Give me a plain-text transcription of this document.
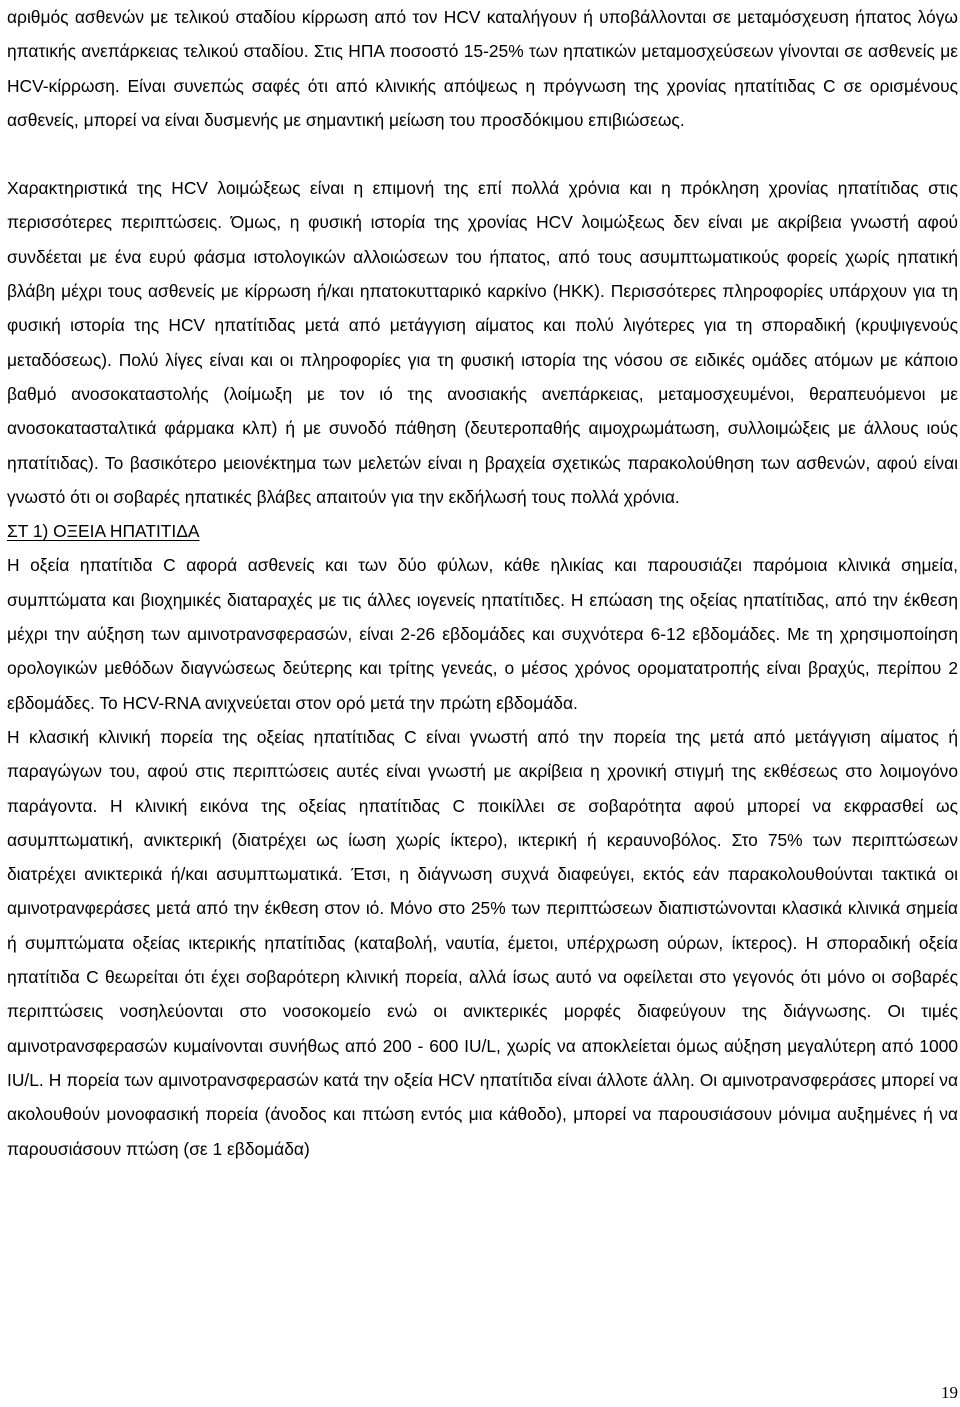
αριθμός ασθενών με τελικού σταδίου κίρρωση από τον HCV καταλήγουν ή υποβάλλονται σε μεταμόσχευση ήπατος λόγω ηπατικής ανεπάρκειας τελικού σταδίου. Στις ΗΠΑ ποσοστό 15-25% των ηπατικών μεταμοσχεύσεων γίνονται σε ασθενείς με HCV-κίρρωση. Είναι συνεπώς σαφές ότι από κλινικής απόψεως η πρόγνωση της χρονίας ηπατίτιδας C σε ορισμένους ασθενείς, μπορεί να είναι δυσμενής με σημαντική μείωση του προσδόκιμου επιβιώσεως.

Χαρακτηριστικά της HCV λοιμώξεως είναι η επιμονή της επί πολλά χρόνια και η πρόκληση χρονίας ηπατίτιδας στις περισσότερες περιπτώσεις. Όμως, η φυσική ιστορία της χρονίας HCV λοιμώξεως δεν είναι με ακρίβεια γνωστή αφού συνδέεται με ένα ευρύ φάσμα ιστολογικών αλλοιώσεων του ήπατος, από τους ασυμπτωματικούς φορείς χωρίς ηπατική βλάβη μέχρι τους ασθενείς με κίρρωση ή/και ηπατοκυτταρικό καρκίνο (ΗΚΚ). Περισσότερες πληροφορίες υπάρχουν για τη φυσική ιστορία της HCV ηπατίτιδας μετά από μετάγγιση αίματος και πολύ λιγότερες για τη σποραδική (κρυψιγενούς μεταδόσεως). Πολύ λίγες είναι και οι πληροφορίες για τη φυσική ιστορία της νόσου σε ειδικές ομάδες ατόμων με κάποιο βαθμό ανοσοκαταστολής (λοίμωξη με τον ιό της ανοσιακής ανεπάρκειας, μεταμοσχευμένοι, θεραπευόμενοι με ανοσοκατασταλτικά φάρμακα κλπ) ή με συνοδό πάθηση (δευτεροπαθής αιμοχρωμάτωση, συλλοιμώξεις με άλλους ιούς ηπατίτιδας). Το βασικότερο μειονέκτημα των μελετών είναι η βραχεία σχετικώς παρακολούθηση των ασθενών, αφού είναι γνωστό ότι οι σοβαρές ηπατικές βλάβες απαιτούν για την εκδήλωσή τους πολλά χρόνια.

ΣΤ 1) ΟΞΕΙΑ ΗΠΑΤΙΤΙΔΑ

Η οξεία ηπατίτιδα C αφορά ασθενείς και των δύο φύλων, κάθε ηλικίας και παρουσιάζει παρόμοια κλινικά σημεία, συμπτώματα και βιοχημικές διαταραχές με τις άλλες ιογενείς ηπατίτιδες. Η επώαση της οξείας ηπατίτιδας, από την έκθεση μέχρι την αύξηση των αμινοτρανσφερασών, είναι 2-26 εβδομάδες και συχνότερα 6-12 εβδομάδες. Με τη χρησιμοποίηση ορολογικών μεθόδων διαγνώσεως δεύτερης και τρίτης γενεάς, ο μέσος χρόνος οροματατροπής είναι βραχύς, περίπου 2 εβδομάδες. Το HCV-RNA ανιχνεύεται στον ορό μετά την πρώτη εβδομάδα.

Η κλασική κλινική πορεία της οξείας ηπατίτιδας C είναι γνωστή από την πορεία της μετά από μετάγγιση αίματος ή παραγώγων του, αφού στις περιπτώσεις αυτές είναι γνωστή με ακρίβεια η χρονική στιγμή της εκθέσεως στο λοιμογόνο παράγοντα. Η κλινική εικόνα της οξείας ηπατίτιδας C ποικίλλει σε σοβαρότητα αφού μπορεί να εκφρασθεί ως ασυμπτωματική, ανικτερική (διατρέχει ως ίωση χωρίς ίκτερο), ικτερική ή κεραυνοβόλος. Στο 75% των περιπτώσεων διατρέχει ανικτερικά ή/και ασυμπτωματικά. Έτσι, η διάγνωση συχνά διαφεύγει, εκτός εάν παρακολουθούνται τακτικά οι αμινοτρανφεράσες μετά από την έκθεση στον ιό. Μόνο στο 25% των περιπτώσεων διαπιστώνονται κλασικά κλινικά σημεία ή συμπτώματα οξείας ικτερικής ηπατίτιδας (καταβολή, ναυτία, έμετοι, υπέρχρωση ούρων, ίκτερος). Η σποραδική οξεία ηπατίτιδα C θεωρείται ότι έχει σοβαρότερη κλινική πορεία, αλλά ίσως αυτό να οφείλεται στο γεγονός ότι μόνο οι σοβαρές περιπτώσεις νοσηλεύονται στο νοσοκομείο ενώ οι ανικτερικές μορφές διαφεύγουν της διάγνωσης. Οι τιμές αμινοτρανσφερασών κυμαίνονται συνήθως από 200 - 600 IU/L, χωρίς να αποκλείεται όμως αύξηση μεγαλύτερη από 1000 IU/L. Η πορεία των αμινοτρανσφερασών κατά την οξεία HCV ηπατίτιδα είναι άλλοτε άλλη. Οι αμινοτρανσφεράσες μπορεί να ακολουθούν μονοφασική πορεία (άνοδος και πτώση εντός μια κάθοδο), μπορεί να παρουσιάσουν μόνιμα αυξημένες ή να παρουσιάσουν πτώση (σε 1 εβδομάδα)

19
